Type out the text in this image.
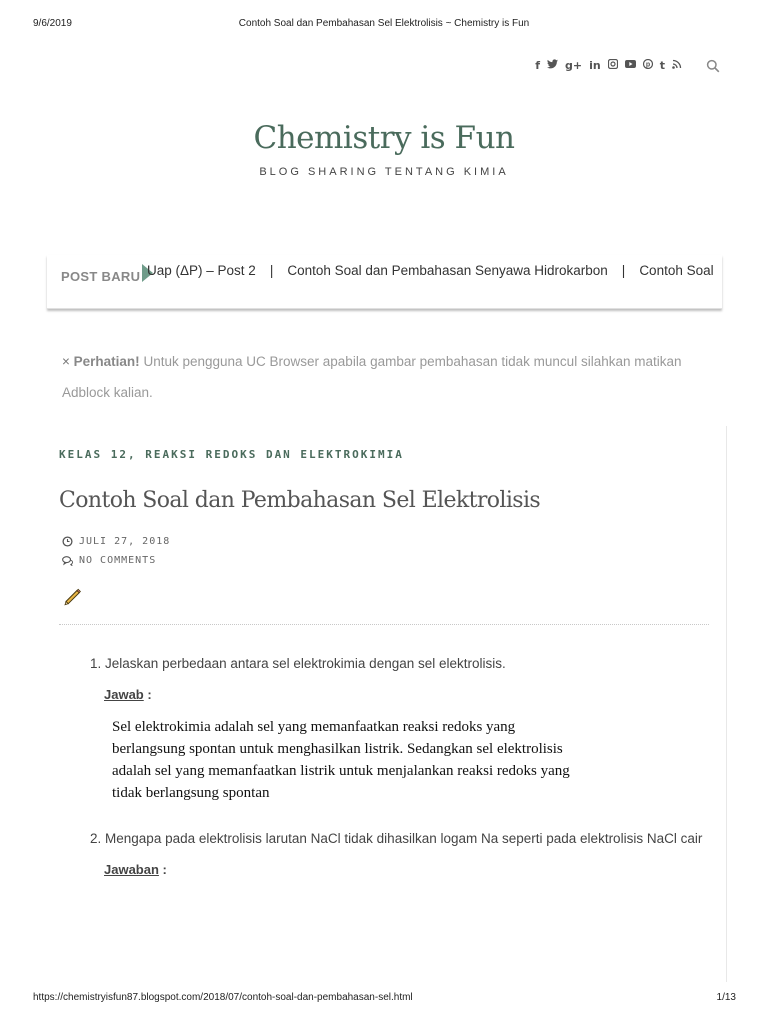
9/6/2019	Contoh Soal dan Pembahasan Sel Elektrolisis ~ Chemistry is Fun
f g+ in	p t
Chemistry is Fun
BLOG SHARING TENTANG KIMIA
POST BARU Uap (ΔP) – Post 2 | Contoh Soal dan Pembahasan Senyawa Hidrokarbon | Contoh Soal
× Perhatian! Untuk pengguna UC Browser apabila gambar pembahasan tidak muncul silahkan matikan Adblock kalian.
KELAS 12, REAKSI REDOKS DAN ELEKTROKIMIA
Contoh Soal dan Pembahasan Sel Elektrolisis
JULI 27, 2018
NO COMMENTS
1. Jelaskan perbedaan antara sel elektrokimia dengan sel elektrolisis.
Jawab :
Sel elektrokimia adalah sel yang memanfaatkan reaksi redoks yang
berlangsung spontan untuk menghasilkan listrik. Sedangkan sel elektrolisis
adalah sel yang memanfaatkan listrik untuk menjalankan reaksi redoks yang
tidak berlangsung spontan
2. Mengapa pada elektrolisis larutan NaCl tidak dihasilkan logam Na seperti pada elektrolisis NaCl cair
Jawaban :
https://chemistryisfun87.blogspot.com/2018/07/contoh-soal-dan-pembahasan-sel.html	1/13
